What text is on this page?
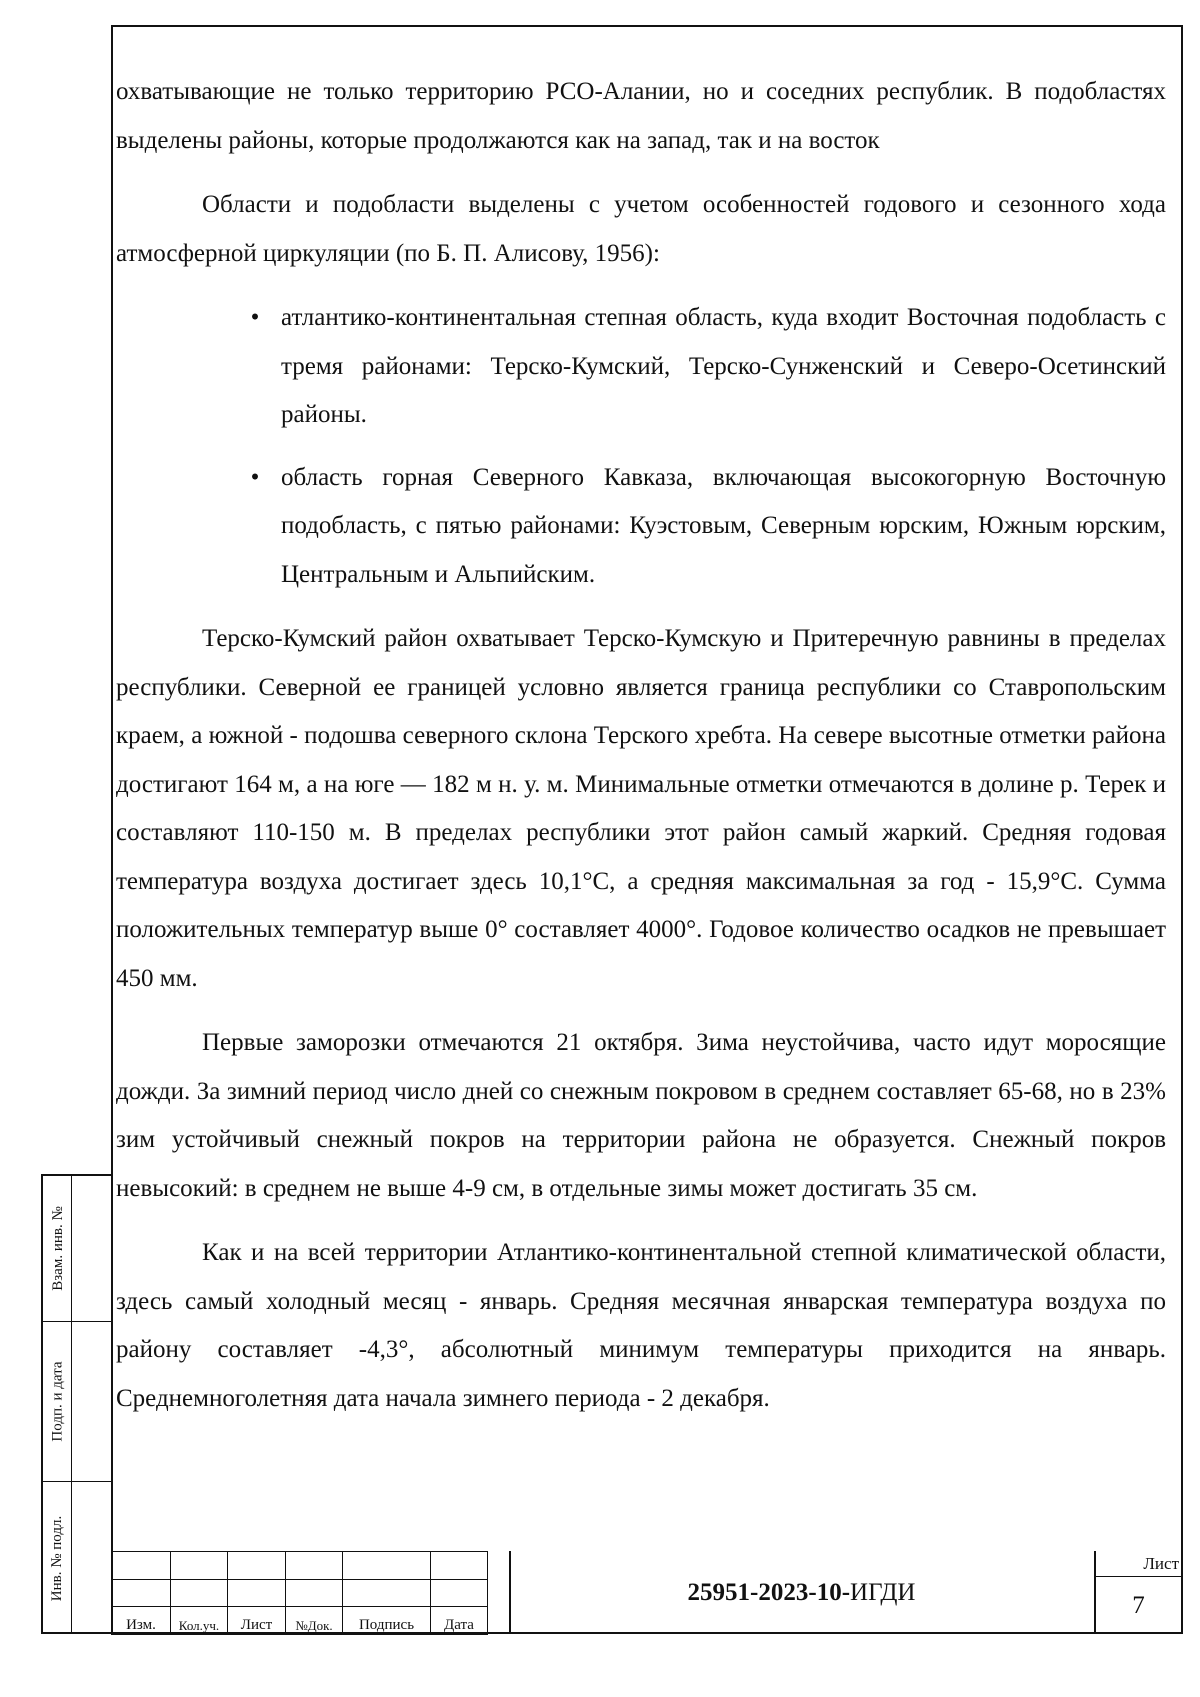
охватывающие не только территорию РСО-Алании, но и соседних республик. В подобластях выделены районы, которые продолжаются как на запад, так и на восток

Области и подобласти выделены с учетом особенностей годового и сезонного хода атмосферной циркуляции (по Б. П. Алисову, 1956):

• атлантико-континентальная степная область, куда входит Восточная подобласть с тремя районами: Терско-Кумский, Терско-Сунженский и Северо-Осетинский районы.
• область горная Северного Кавказа, включающая высокогорную Восточную подобласть, с пятью районами: Куэстовым, Северным юрским, Южным юрским, Центральным и Альпийским.

Терско-Кумский район охватывает Терско-Кумскую и Притеречную равнины в пределах республики. Северной ее границей условно является граница республики со Ставропольским краем, а южной - подошва северного склона Терского хребта. На севере высотные отметки района достигают 164 м, а на юге — 182 м н. у. м. Минимальные отметки отмечаются в долине р. Терек и составляют 110-150 м. В пределах республики этот район самый жаркий. Средняя годовая температура воздуха достигает здесь 10,1°С, а средняя максимальная за год - 15,9°С. Сумма положительных температур выше 0° составляет 4000°. Годовое количество осадков не превышает 450 мм.

Первые заморозки отмечаются 21 октября. Зима неустойчива, часто идут моросящие дожди. За зимний период число дней со снежным покровом в среднем составляет 65-68, но в 23% зим устойчивый снежный покров на территории района не образуется. Снежный покров невысокий: в среднем не выше 4-9 см, в отдельные зимы может достигать 35 см.

Как и на всей территории Атлантико-континентальной степной климатической области, здесь самый холодный месяц - январь. Средняя месячная январская температура воздуха по району составляет -4,3°, абсолютный минимум температуры приходится на январь. Среднемноголетняя дата начала зимнего периода - 2 декабря.

Взам. инв. №
Подп. и дата
Инв. № подл.

Изм.	Кол.уч.	Лист	№Док.	Подпись	Дата
25951-2023-10- ИГДИ
Лист
7
